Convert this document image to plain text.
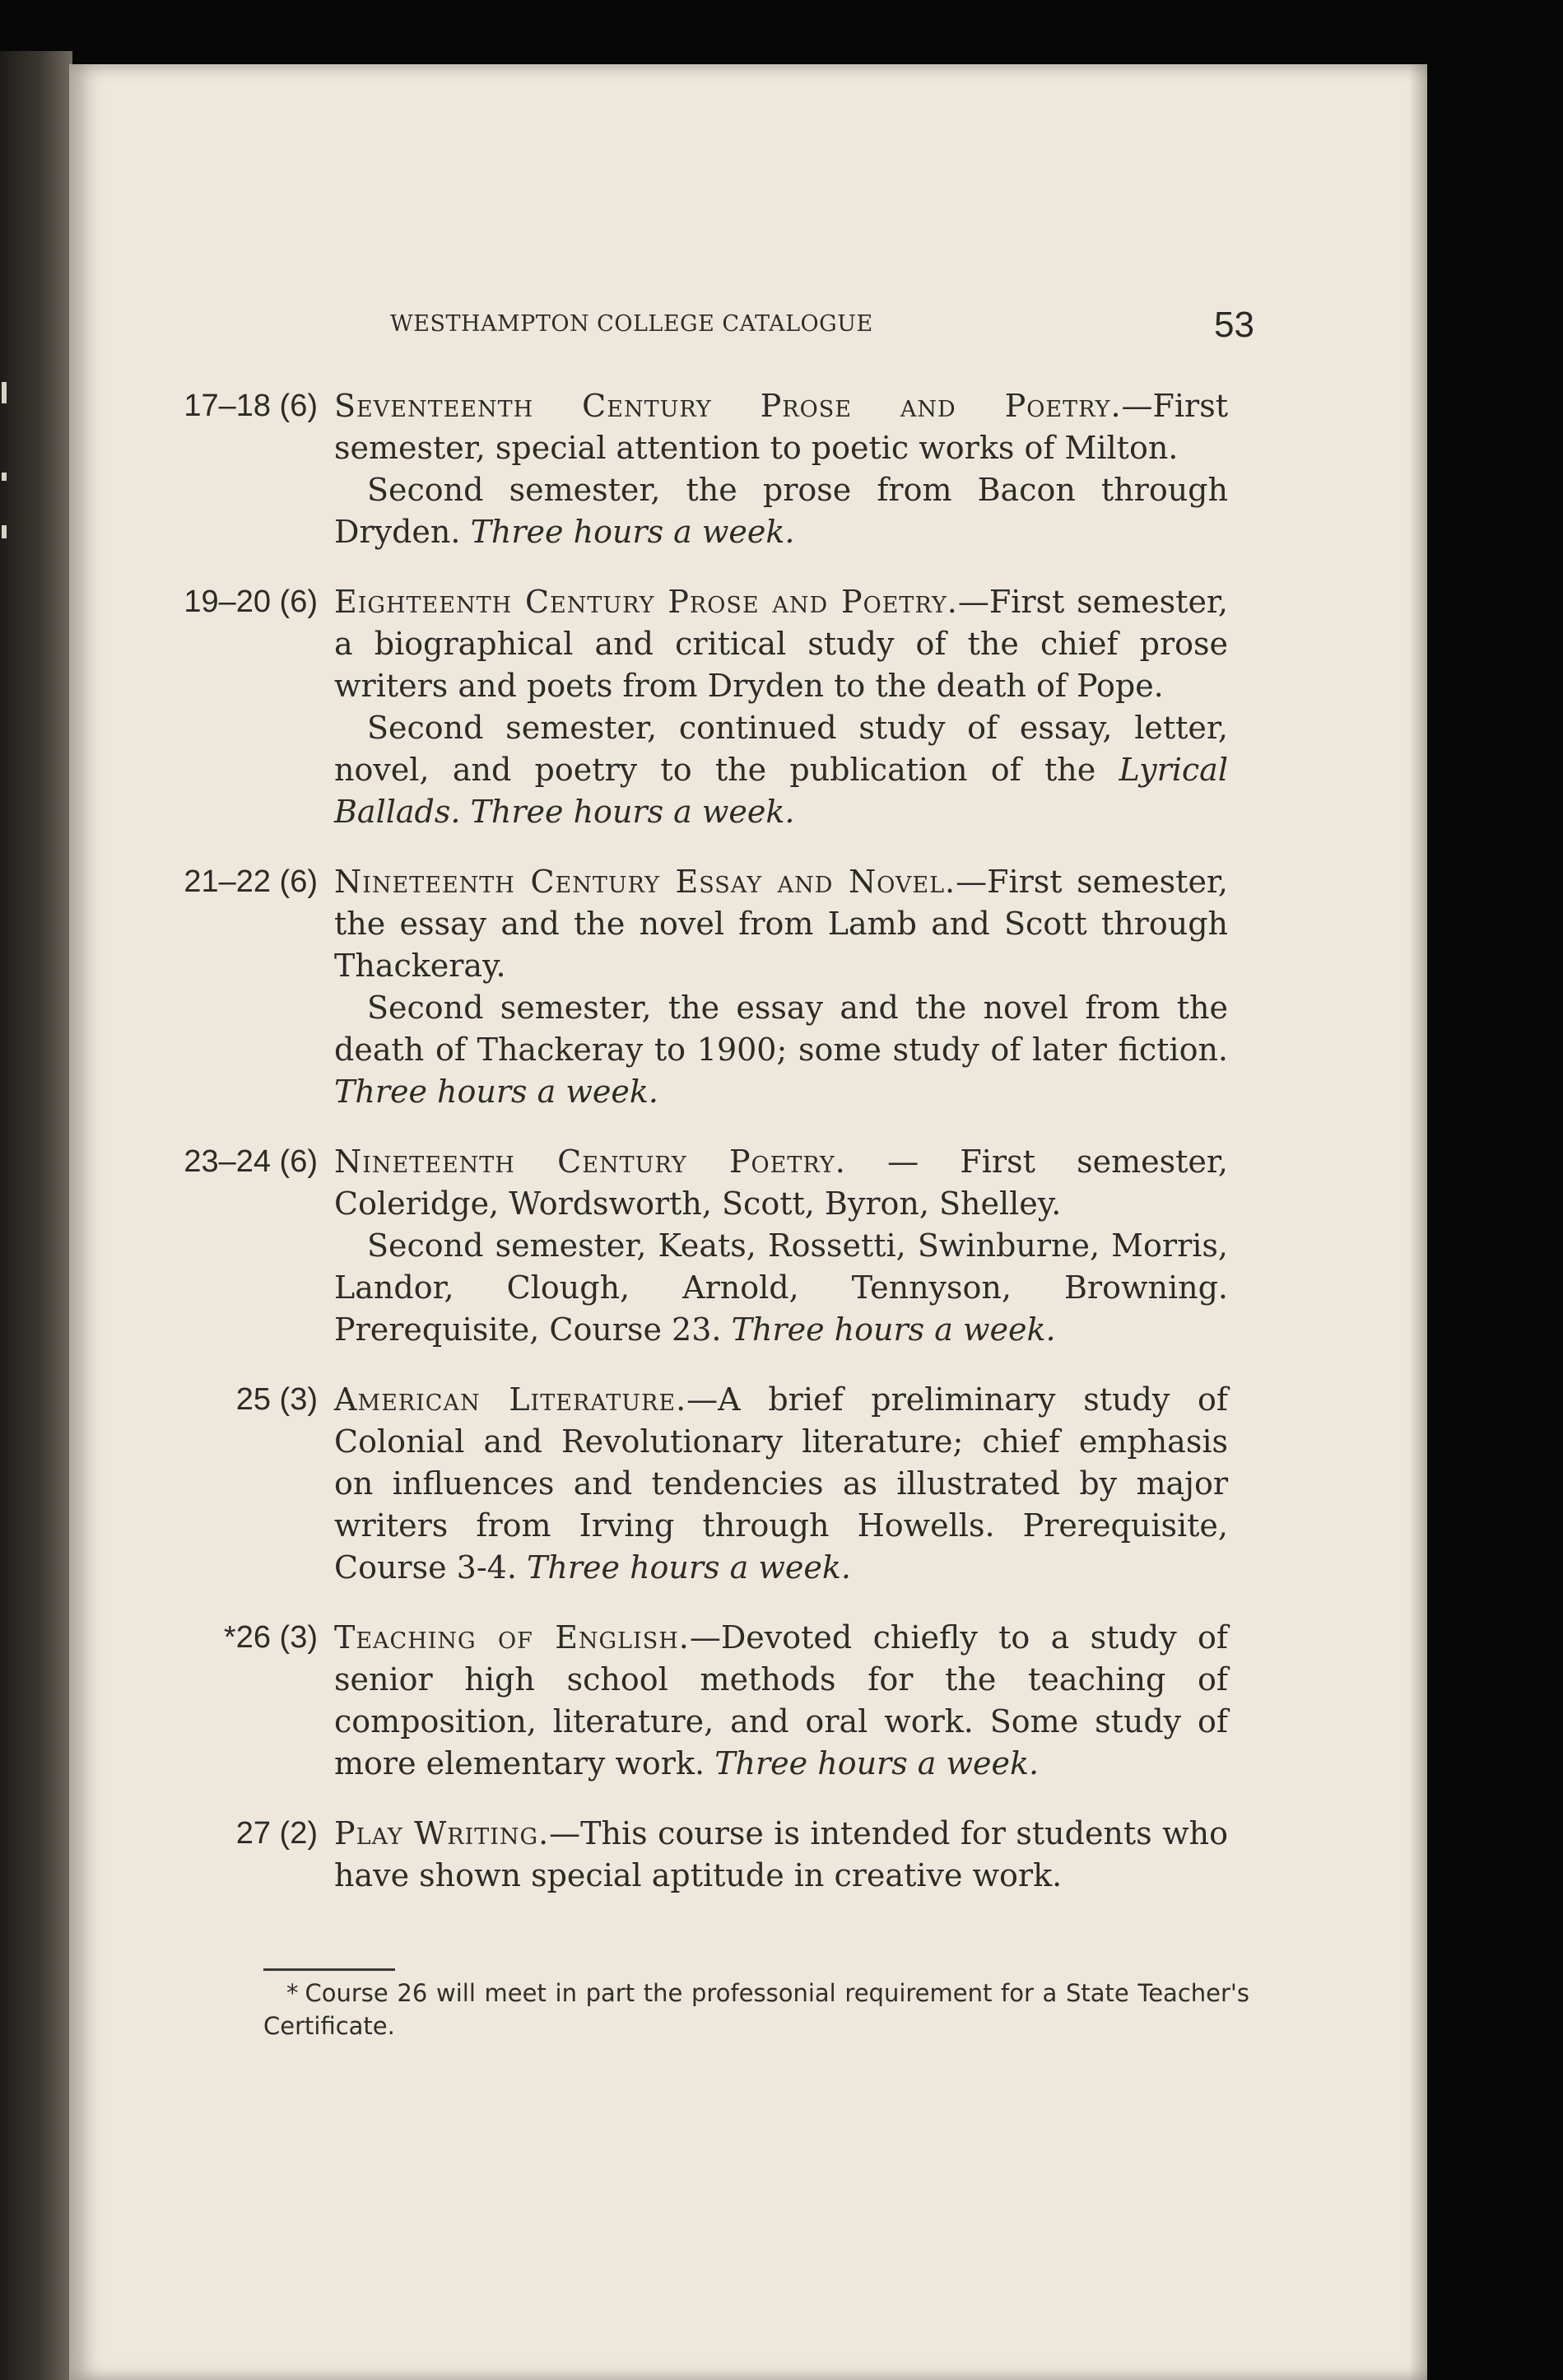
WESTHAMPTON COLLEGE CATALOGUE	53
17–18 (6) Seventeenth Century Prose and Poetry.—First semester, special attention to poetic works of Milton.

Second semester, the prose from Bacon through Dryden. Three hours a week.

19–20 (6) Eighteenth Century Prose and Poetry.—First semester, a biographical and critical study of the chief prose writers and poets from Dryden to the death of Pope.

Second semester, continued study of essay, letter, novel, and poetry to the publication of the Lyrical Ballads. Three hours a week.

21–22 (6) Nineteenth Century Essay and Novel.—First semester, the essay and the novel from Lamb and Scott through Thackeray.

Second semester, the essay and the novel from the death of Thackeray to 1900; some study of later fiction. Three hours a week.

23–24 (6) Nineteenth Century Poetry. — First semester, Coleridge, Wordsworth, Scott, Byron, Shelley.

Second semester, Keats, Rossetti, Swinburne, Morris, Landor, Clough, Arnold, Tennyson, Browning. Prerequisite, Course 23. Three hours a week.

25 (3) American Literature.—A brief preliminary study of Colonial and Revolutionary literature; chief emphasis on influences and tendencies as illustrated by major writers from Irving through Howells. Prerequisite, Course 3-4. Three hours a week.

*26 (3) Teaching of English.—Devoted chiefly to a study of senior high school methods for the teaching of composition, literature, and oral work. Some study of more elementary work. Three hours a week.

27 (2) Play Writing.—This course is intended for students who have shown special aptitude in creative work.

* Course 26 will meet in part the professonial requirement for a State Teacher's Certificate.
